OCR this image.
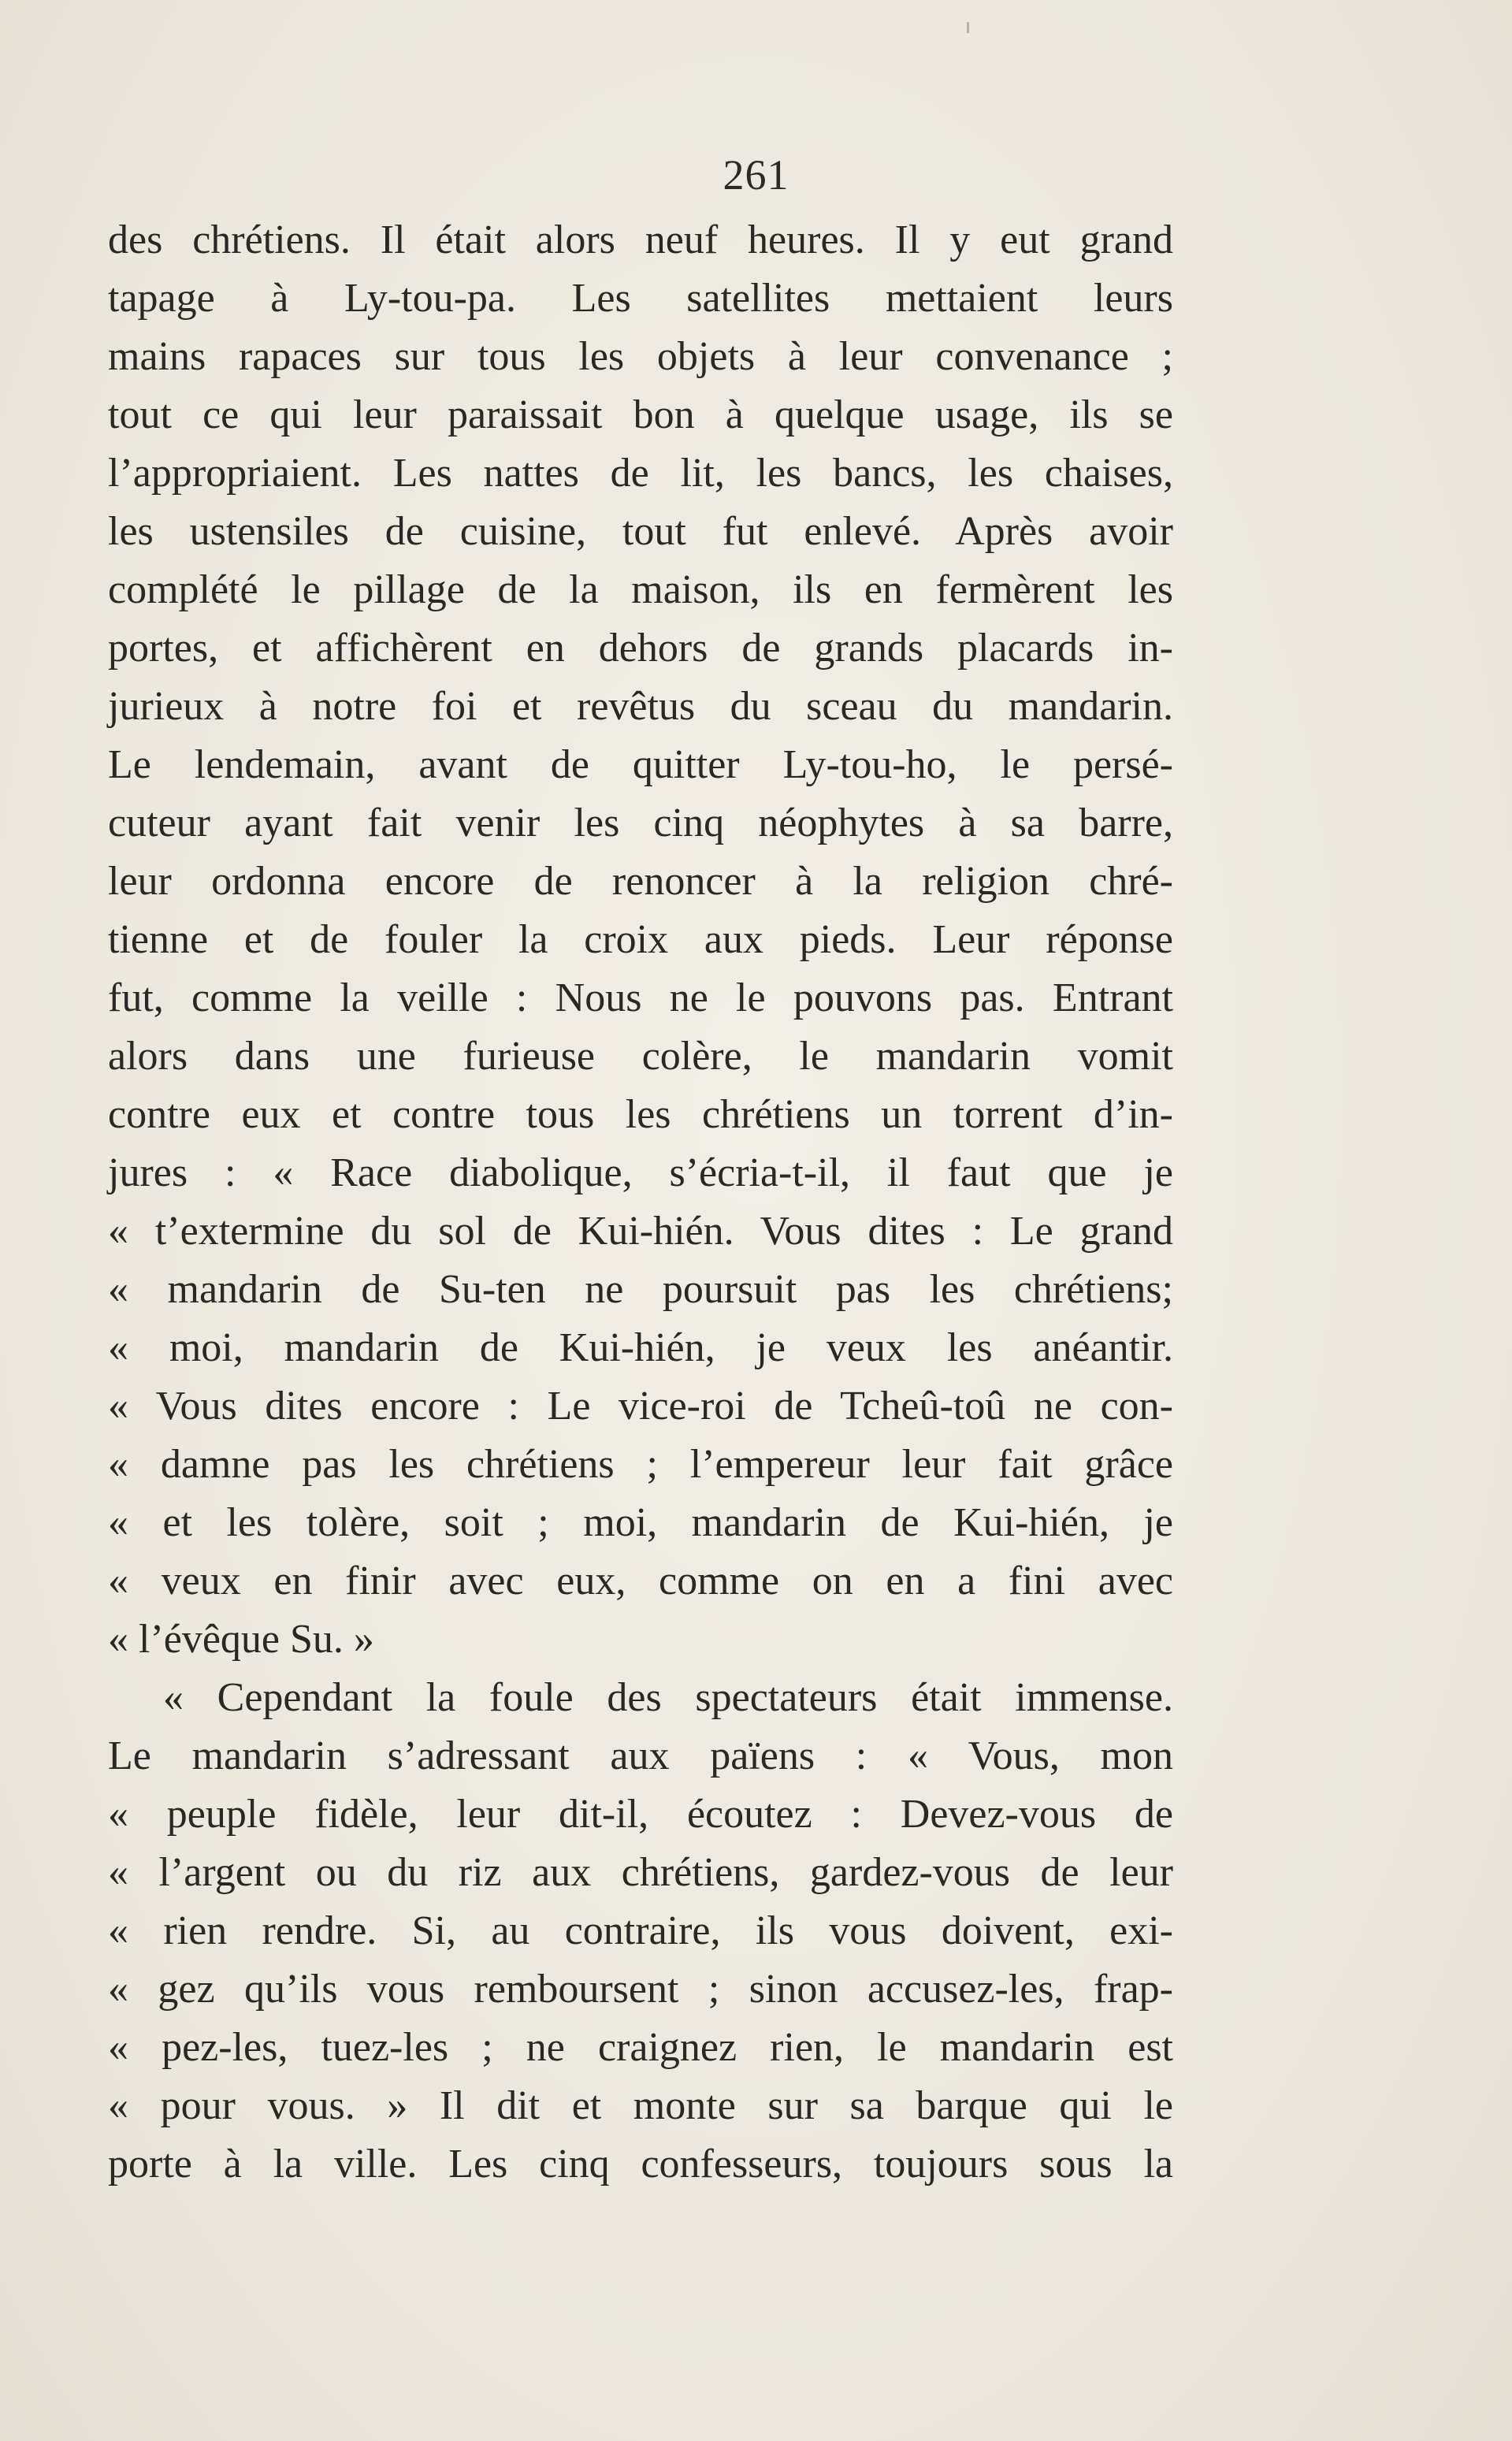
261
des chrétiens. Il était alors neuf heures. Il y eut grand
tapage à Ly-tou-pa. Les satellites mettaient leurs
mains rapaces sur tous les objets à leur convenance ;
tout ce qui leur paraissait bon à quelque usage, ils se
l’appropriaient. Les nattes de lit, les bancs, les chaises,
les ustensiles de cuisine, tout fut enlevé. Après avoir
complété le pillage de la maison, ils en fermèrent les
portes, et affichèrent en dehors de grands placards in-
jurieux à notre foi et revêtus du sceau du mandarin.
Le lendemain, avant de quitter Ly-tou-ho, le persé-
cuteur ayant fait venir les cinq néophytes à sa barre,
leur ordonna encore de renoncer à la religion chré-
tienne et de fouler la croix aux pieds. Leur réponse
fut, comme la veille : Nous ne le pouvons pas. Entrant
alors dans une furieuse colère, le mandarin vomit
contre eux et contre tous les chrétiens un torrent d’in-
jures : « Race diabolique, s’écria-t-il, il faut que je
« t’extermine du sol de Kui-hién. Vous dites : Le grand
« mandarin de Su-ten ne poursuit pas les chrétiens;
« moi, mandarin de Kui-hién, je veux les anéantir.
« Vous dites encore : Le vice-roi de Tcheû-toû ne con-
« damne pas les chrétiens ; l’empereur leur fait grâce
« et les tolère, soit ; moi, mandarin de Kui-hién, je
« veux en finir avec eux, comme on en a fini avec
« l’évêque Su. »
« Cependant la foule des spectateurs était immense.
Le mandarin s’adressant aux païens : « Vous, mon
« peuple fidèle, leur dit-il, écoutez : Devez-vous de
« l’argent ou du riz aux chrétiens, gardez-vous de leur
« rien rendre. Si, au contraire, ils vous doivent, exi-
« gez qu’ils vous remboursent ; sinon accusez-les, frap-
« pez-les, tuez-les ; ne craignez rien, le mandarin est
« pour vous. » Il dit et monte sur sa barque qui le
porte à la ville. Les cinq confesseurs, toujours sous la
